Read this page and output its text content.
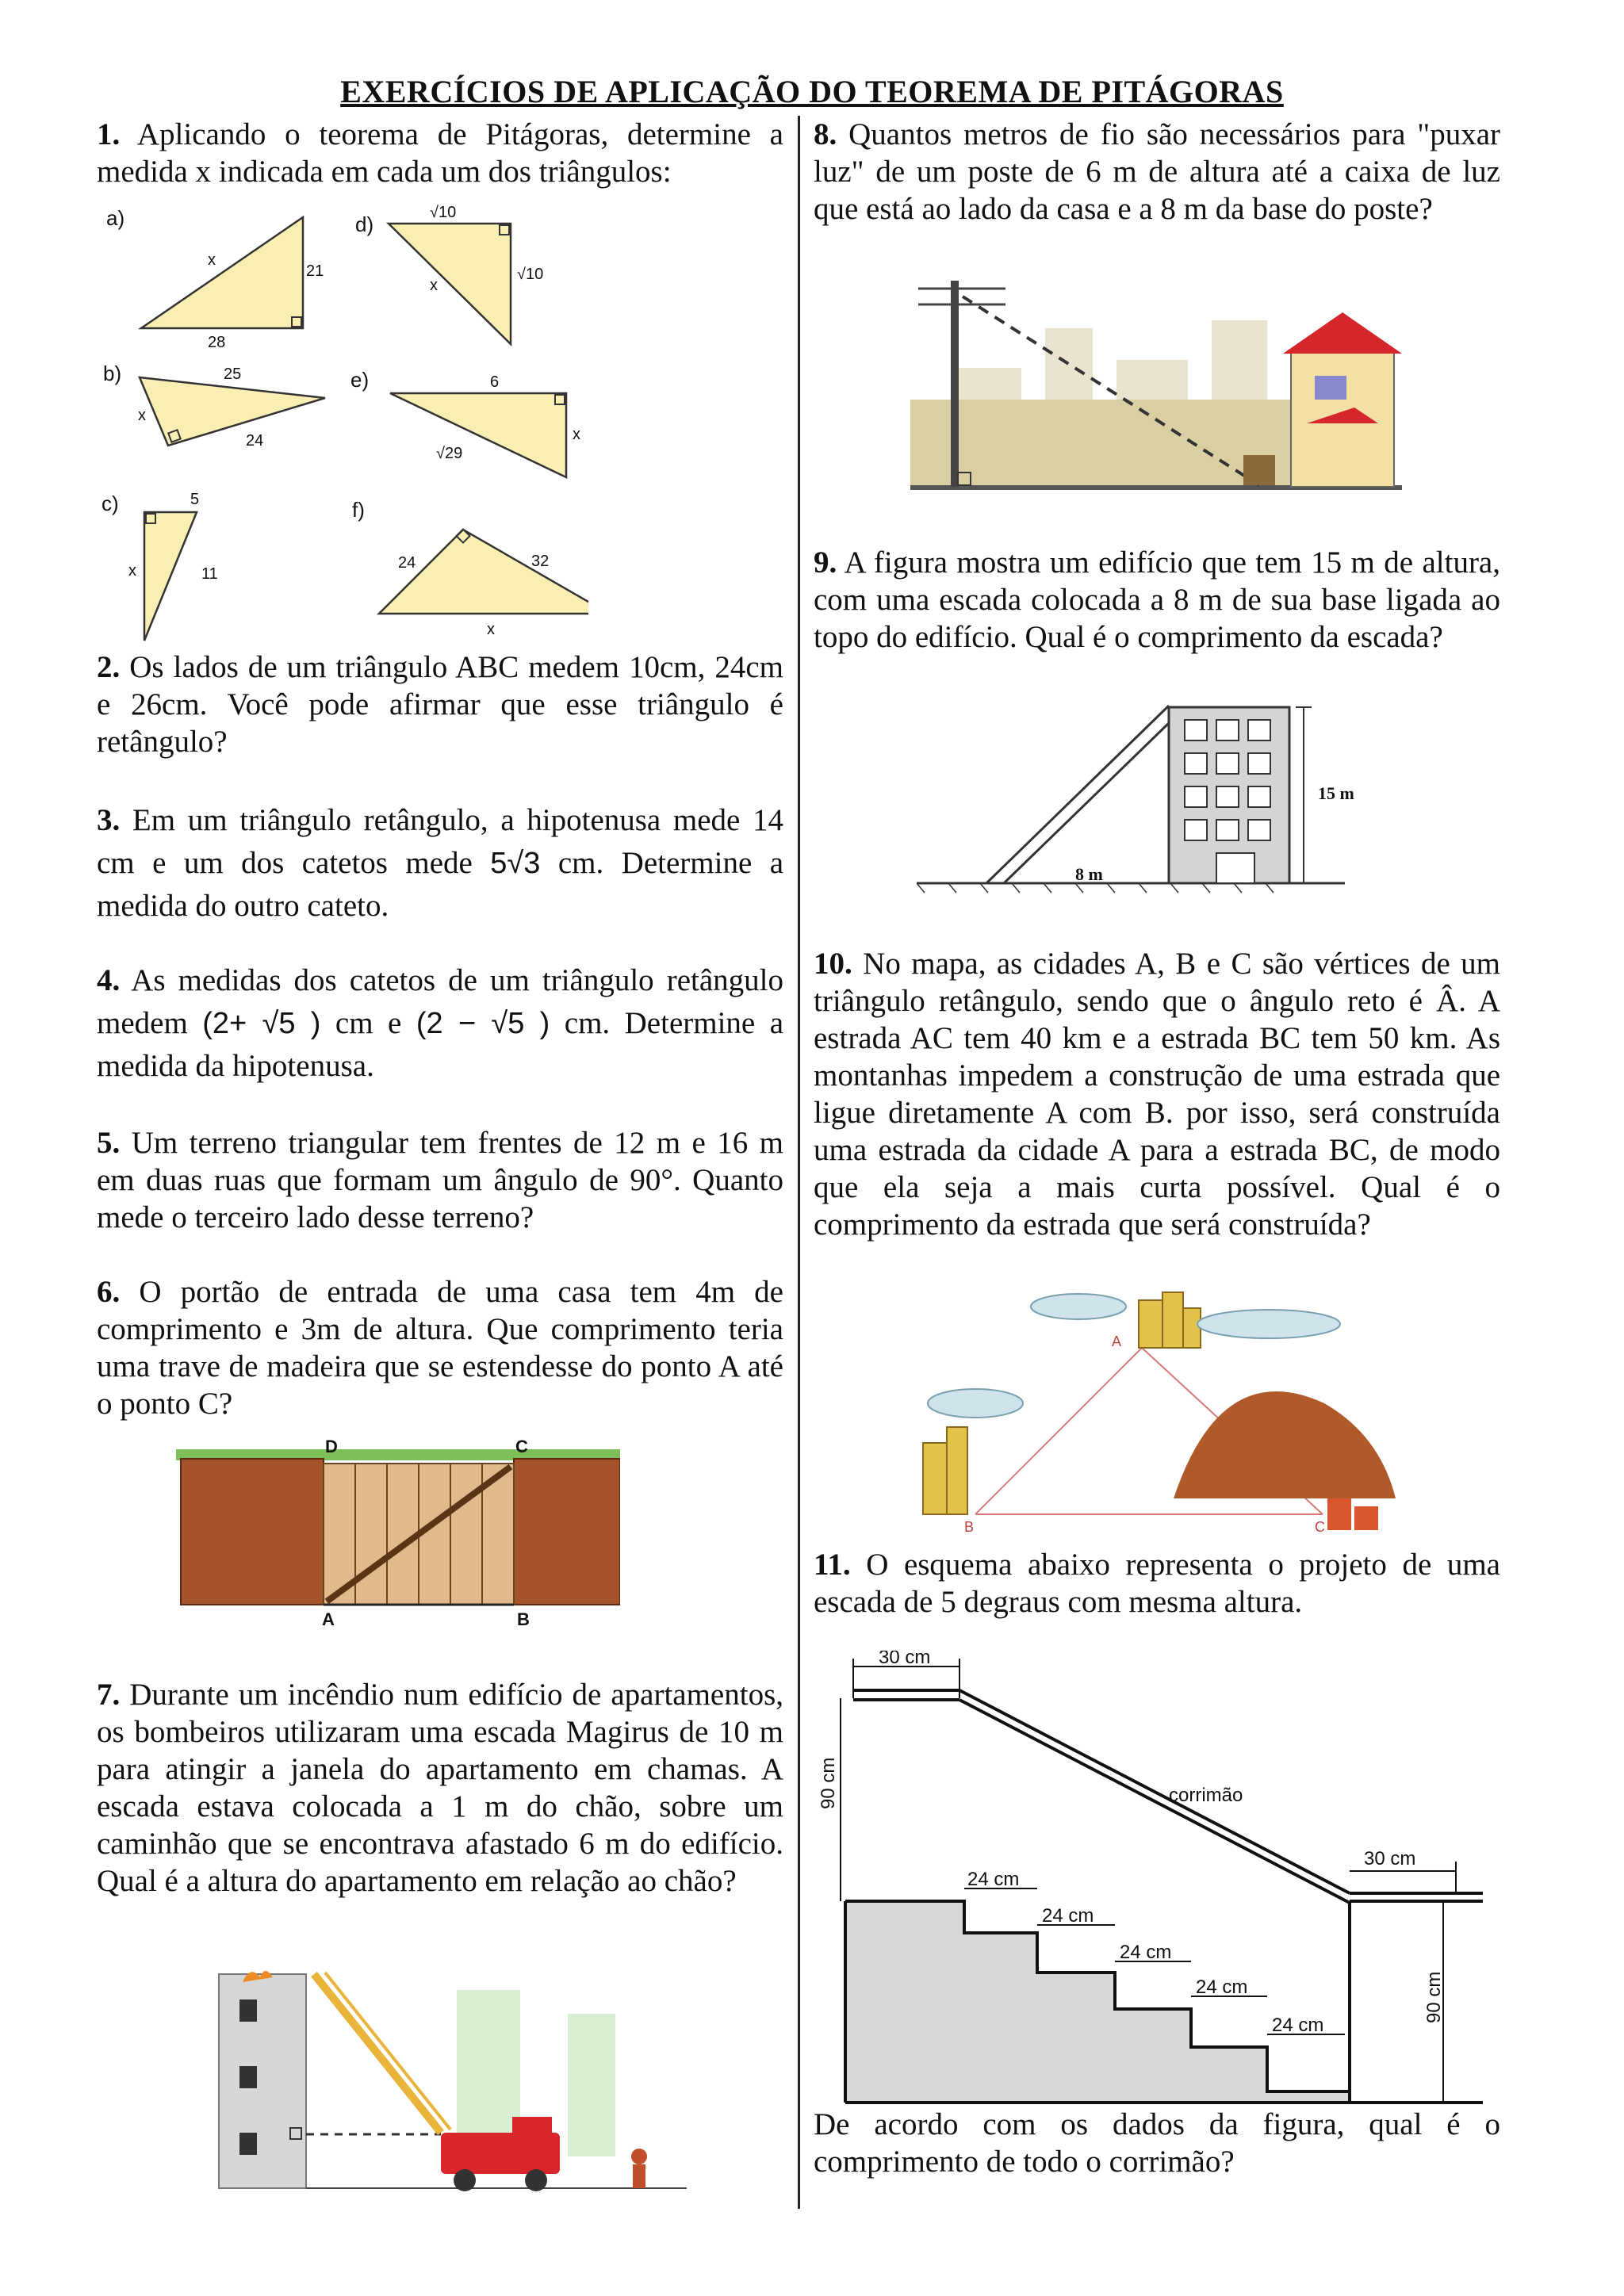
EXERCÍCIOS DE APLICAÇÃO DO TEOREMA DE PITÁGORAS
1. Aplicando o teorema de Pitágoras, determine a medida x indicada em cada um dos triângulos:
a)
x
21
28
d)	√10
√10
x
b)	25
x
24
e)	6
x
√29
c)	5
x	11
f)
24	32
x
2. Os lados de um triângulo ABC medem 10cm, 24cm e 26cm. Você pode afirmar que esse triângulo é retângulo?
3. Em um triângulo retângulo, a hipotenusa mede 14 cm e um dos catetos mede 5√3 cm. Determine a medida do outro cateto.
4. As medidas dos catetos de um triângulo retângulo medem (2+ √5 ) cm e (2 − √5 ) cm. Determine a medida da hipotenusa.
5. Um terreno triangular tem frentes de 12 m e 16 m em duas ruas que formam um ângulo de 90°. Quanto mede o terceiro lado desse terreno?
6. O portão de entrada de uma casa tem 4m de comprimento e 3m de altura. Que comprimento teria uma trave de madeira que se estendesse do ponto A até o ponto C?
D	C
A	B
7. Durante um incêndio num edifício de apartamentos, os bombeiros utilizaram uma escada Magirus de 10 m para atingir a janela do apartamento em chamas. A escada estava colocada a 1 m do chão, sobre um caminhão que se encontrava afastado 6 m do edifício. Qual é a altura do apartamento em relação ao chão?
8. Quantos metros de fio são necessários para "puxar luz" de um poste de 6 m de altura até a caixa de luz que está ao lado da casa e a 8 m da base do poste?
9. A figura mostra um edifício que tem 15 m de altura, com uma escada colocada a 8 m de sua base ligada ao topo do edifício. Qual é o comprimento da escada?
15 m
8 m
10. No mapa, as cidades A, B e C são vértices de um triângulo retângulo, sendo que o ângulo reto é Â. A estrada AC tem 40 km e a estrada BC tem 50 km. As montanhas impedem a construção de uma estrada que ligue diretamente A com B. por isso, será construída uma estrada da cidade A para a estrada BC, de modo que ela seja a mais curta possível. Qual é o comprimento da estrada que será construída?
A
B	C
11. O esquema abaixo representa o projeto de uma escada de 5 degraus com mesma altura.
30 cm
90 cm	corrimão
30 cm
90 cm
24 cm
24 cm
24 cm
24 cm
24 cm
De acordo com os dados da figura, qual é o comprimento de todo o corrimão?
